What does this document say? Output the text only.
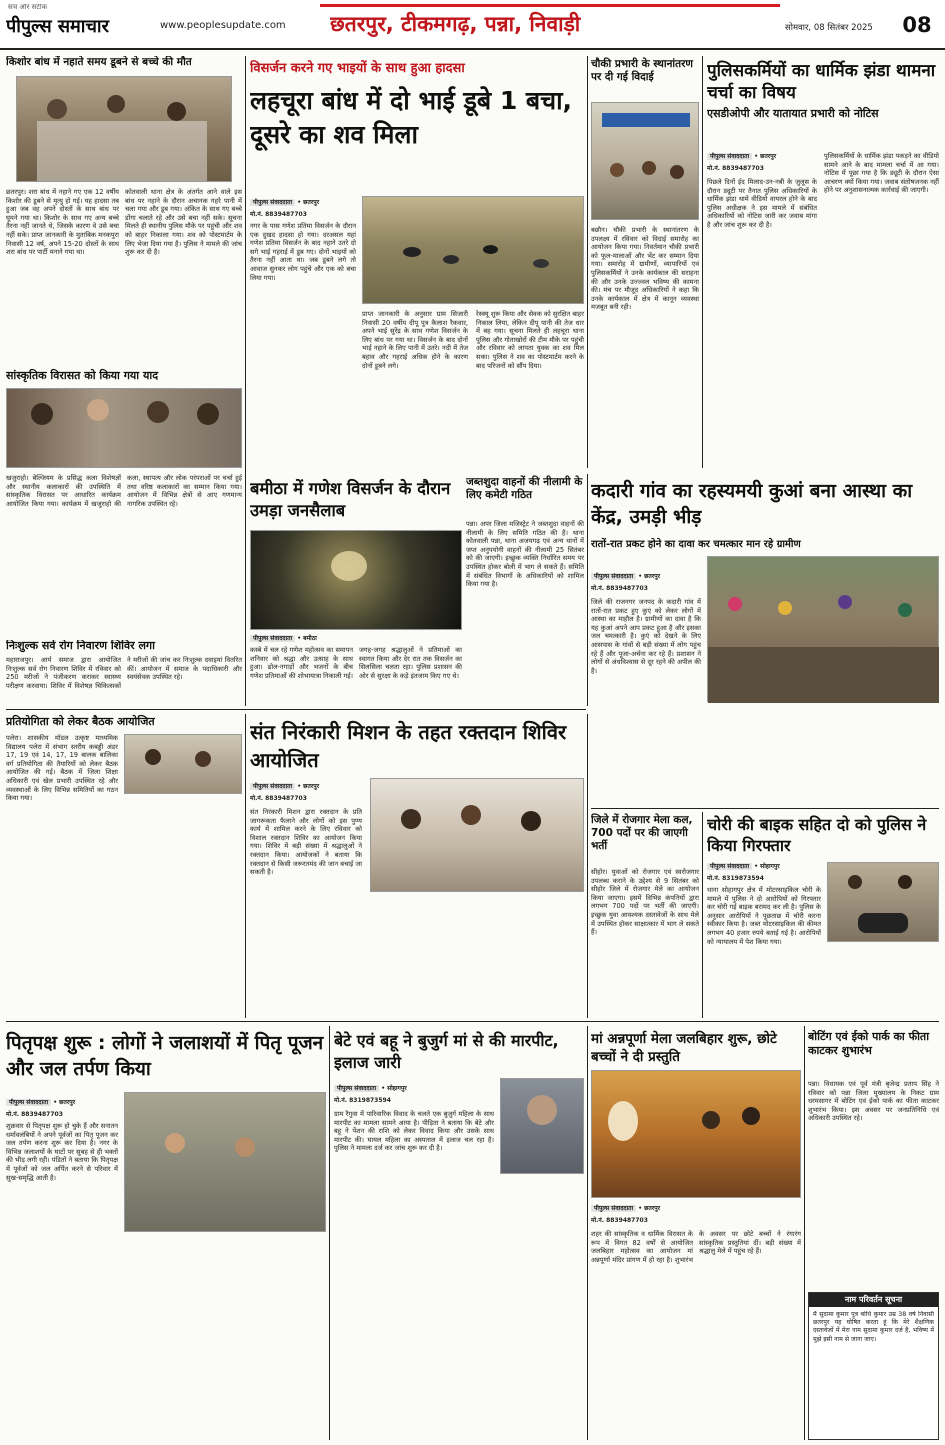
सच और सटीक
पीपुल्स समाचार	www.peoplesupdate.com छतरपुर, टीकमगढ़, पन्ना, निवाड़ी	सोमवार, 08 सितंबर 2025	08
किशोर बांध में नहाते समय डूबने से बच्चे की मौत
छतरपुर। शरा बांध में नहाने गए एक 12 वर्षीय किशोर की डूबने से मृत्यु हो गई। यह हादसा तब हुआ जब वह अपने दोस्तों के साथ बांध पर घूमने गया था। किशोर के साथ गए अन्य बच्चे तैरना नहीं जानते थे, जिसके कारण वे उसे बचा नहीं सके। प्राप्त जानकारी के मुताबिक मनकपुरा निवासी 12 वर्ष, अपने 15-20 दोस्तों के साथ शरा बांध पर पार्टी मनाने गया था।
कोतवाली थाना क्षेत्र के अंतर्गत आने वाले इस बांध पर नहाने के दौरान अचानक गहरे पानी में चला गया और डूब गया। अंकित के साथ गए बच्चे डोंगा चलाते रहे और उसे बचा नहीं सके। सूचना मिलते ही स्थानीय पुलिस मौके पर पहुंची और शव को बाहर निकाला गया। शव को पोस्टमार्टम के लिए भेजा दिया गया है। पुलिस ने मामले की जांच शुरू कर दी है।
विसर्जन करने गए भाइयों के साथ हुआ हादसा
लहचूरा बांध में दो भाई डूबे 1 बचा, दूसरे का शव मिला
पीपुल्स संवाददाता • छतरपुर
मो.नं. 8839487703
नगर के पास गणेश प्रतिमा विसर्जन के दौरान एक दुखद हादसा हो गया। दरअसल यहां गणेश प्रतिमा विसर्जन के बाद नहाने उतरे दो सगे भाई गहराई में डूब गए। दोनों भाइयों को तैरना नहीं आता था। जब डूबने लगे तो आवाज सुनकर लोग पहुंचे और एक को बचा लिया गया।
प्राप्त जानकारी के अनुसार ग्राम सिजारी निवासी 20 वर्षीय दीपू पुत्र कैलाश रैकवार, अपने भाई सुरेंद्र के साथ गणेश विसर्जन के लिए बांध पर गया था। विसर्जन के बाद दोनों भाई नहाने के लिए पानी में उतरे। नदी में तेज बहाव और गहराई अधिक होने के कारण दोनों डूबने लगे।
रेस्क्यू शुरू किया और सेवक को सुरक्षित बाहर निकाल लिया, लेकिन दीपू पानी की तेज धार में बह गया। सूचना मिलते ही लहचूरा थाना पुलिस और गोताखोरों की टीम मौके पर पहुंची और रविवार को लापता युवक का शव मिल सका। पुलिस ने शव का पोस्टमार्टम करने के बाद परिजनों को सौंप दिया।
चौकी प्रभारी के स्थानांतरण पर दी गई विदाई
बछौन। चौकी प्रभारी के स्थानांतरण के उपलक्ष्य में रविवार को विदाई समारोह का आयोजन किया गया। निवर्तमान चौकी प्रभारी को फूल-मालाओं और भेंट कर सम्मान दिया गया। समारोह में ग्रामीणों, व्यापारियों एवं पुलिसकर्मियों ने उनके कार्यकाल की सराहना की और उनके उज्ज्वल भविष्य की कामना की। मंच पर मौजूद अधिकारियों ने कहा कि उनके कार्यकाल में क्षेत्र में कानून व्यवस्था मजबूत बनी रही।
पुलिसकर्मियों का धार्मिक झंडा थामना चर्चा का विषय
एसडीओपी और यातायात प्रभारी को नोटिस
पीपुल्स संवाददाता • छतरपुर
मो.नं. 8839487703
पिछले दिनों ईद मिलाद-उन-नबी के जुलूस के दौरान ड्यूटी पर तैनात पुलिस अधिकारियों के धार्मिक झंडा थामे वीडियो वायरल होने के बाद पुलिस अधीक्षक ने इस मामले में संबंधित अधिकारियों को नोटिस जारी कर जवाब मांगा है और जांच शुरू कर दी है।
पुलिसकर्मियों के धार्मिक झंडा पकड़ने का वीडियो सामने आने के बाद मामला चर्चा में आ गया। नोटिस में पूछा गया है कि ड्यूटी के दौरान ऐसा आचरण क्यों किया गया। जवाब संतोषजनक नहीं होने पर अनुशासनात्मक कार्रवाई की जाएगी।
सांस्कृतिक विरासत को किया गया याद
खजुराहो। बेल्जियम के प्रसिद्ध कला विशेषज्ञों और स्थानीय कलाकारों की उपस्थिति में सांस्कृतिक विरासत पर आधारित कार्यक्रम आयोजित किया गया। कार्यक्रम में खजुराहो की कला, स्थापत्य और लोक परंपराओं पर चर्चा हुई तथा वरिष्ठ कलाकारों का सम्मान किया गया। आयोजन में विभिन्न क्षेत्रों से आए गणमान्य नागरिक उपस्थित रहे।
निःशुल्क सर्व रोग निवारण शिविर लगा
महाराजपुर। आर्य समाज द्वारा आयोजित निःशुल्क सर्व रोग निवारण शिविर में रविवार को 250 मरीजों ने पंजीकरण कराकर स्वास्थ्य परीक्षण करवाया। शिविर में विशेषज्ञ चिकित्सकों ने मरीजों की जांच कर निःशुल्क दवाइयां वितरित कीं। आयोजन में समाज के पदाधिकारी और स्वयंसेवक उपस्थित रहे।
बमीठा में गणेश विसर्जन के दौरान उमड़ा जनसैलाब
पीपुल्स संवाददाता • बमीठा
कस्बे में चल रहे गणेश महोत्सव का समापन शनिवार को श्रद्धा और उत्साह के साथ हुआ। ढोल-नगाड़ों और भजनों के बीच गणेश प्रतिमाओं की शोभायात्रा निकाली गई। जगह-जगह श्रद्धालुओं ने प्रतिमाओं का स्वागत किया और देर रात तक विसर्जन का सिलसिला चलता रहा। पुलिस प्रशासन की ओर से सुरक्षा के कड़े इंतजाम किए गए थे।
जब्तशुदा वाहनों की नीलामी के लिए कमेटी गठित
पन्ना। अपर जिला मजिस्ट्रेट ने जब्तशुदा वाहनों की नीलामी के लिए समिति गठित की है। थाना कोतवाली पन्ना, थाना अजयगढ़ एवं अन्य थानों में जप्त अनुपयोगी वाहनों की नीलामी 25 सितंबर को की जाएगी। इच्छुक व्यक्ति निर्धारित समय पर उपस्थित होकर बोली में भाग ले सकते हैं। समिति में संबंधित विभागों के अधिकारियों को शामिल किया गया है।
कदारी गांव का रहस्यमयी कुआं बना आस्था का केंद्र, उमड़ी भीड़
रातों-रात प्रकट होने का दावा कर चमत्कार मान रहे ग्रामीण
पीपुल्स संवाददाता • छतरपुर
मो.नं. 8839487703
जिले की राजनगर जनपद के कदारी गांव में रातों-रात प्रकट हुए कुएं को लेकर लोगों में आस्था का माहौल है। ग्रामीणों का दावा है कि यह कुआं अपने आप प्रकट हुआ है और इसका जल चमत्कारी है। कुएं को देखने के लिए आसपास के गांवों से बड़ी संख्या में लोग पहुंच रहे हैं और पूजा-अर्चना कर रहे हैं। प्रशासन ने लोगों से अंधविश्वास से दूर रहने की अपील की है।
प्रतियोगिता को लेकर बैठक आयोजित
पलेरा। शासकीय मॉडल उत्कृष्ट माध्यमिक विद्यालय पलेरा में संभाग स्तरीय कबड्डी अंडर 17, 19 एवं 14, 17, 19 बालक बालिका वर्ग प्रतियोगिता की तैयारियों को लेकर बैठक आयोजित की गई। बैठक में जिला शिक्षा अधिकारी एवं खेल प्रभारी उपस्थित रहे और व्यवस्थाओं के लिए विभिन्न समितियों का गठन किया गया।
संत निरंकारी मिशन के तहत रक्तदान शिविर आयोजित
पीपुल्स संवाददाता • छतरपुर
मो.नं. 8839487703
संत निरंकारी मिशन द्वारा रक्तदान के प्रति जागरूकता फैलाने और लोगों को इस पुण्य कार्य में शामिल करने के लिए रविवार को विशाल रक्तदान शिविर का आयोजन किया गया। शिविर में बड़ी संख्या में श्रद्धालुओं ने रक्तदान किया। आयोजकों ने बताया कि रक्तदान से किसी जरूरतमंद की जान बचाई जा सकती है।
जिले में रोजगार मेला कल, 700 पदों पर की जाएगी भर्ती
सीहोर। युवाओं को रोजगार एवं स्वरोजगार उपलब्ध कराने के उद्देश्य से 9 सितंबर को सीहोर जिले में रोजगार मेले का आयोजन किया जाएगा। इसमें विभिन्न कंपनियों द्वारा लगभग 700 पदों पर भर्ती की जाएगी। इच्छुक युवा आवश्यक दस्तावेजों के साथ मेले में उपस्थित होकर साक्षात्कार में भाग ले सकते हैं।
चोरी की बाइक सहित दो को पुलिस ने किया गिरफ्तार
पीपुल्स संवाददाता • सोहागपुर
मो.नं. 8319873594
थाना सोहागपुर क्षेत्र में मोटरसाइकिल चोरी के मामले में पुलिस ने दो आरोपियों को गिरफ्तार कर चोरी गई बाइक बरामद कर ली है। पुलिस के अनुसार आरोपियों ने पूछताछ में चोरी करना स्वीकार किया है। जब्त मोटरसाइकिल की कीमत लगभग 40 हजार रुपये बताई गई है। आरोपियों को न्यायालय में पेश किया गया।
पितृपक्ष शुरू : लोगों ने जलाशयों में पितृ पूजन और जल तर्पण किया
पीपुल्स संवाददाता • छतरपुर
मो.नं. 8839487703
शुक्रवार से पितृपक्ष शुरू हो चुके हैं और सनातन धर्मावलंबियों ने अपने पूर्वजों का पितृ पूजन कर जल तर्पण करना शुरू कर दिया है। नगर के विभिन्न जलाशयों के घाटों पर सुबह से ही भक्तों की भीड़ लगी रही। पंडितों ने बताया कि पितृपक्ष में पूर्वजों को जल अर्पित करने से परिवार में सुख-समृद्धि आती है।
बेटे एवं बहू ने बुजुर्ग मां से की मारपीट, इलाज जारी
पीपुल्स संवाददाता • सोहागपुर
मो.नं. 8319873594
ग्राम रैगुवा में पारिवारिक विवाद के चलते एक बुजुर्ग महिला के साथ मारपीट का मामला सामने आया है। पीड़िता ने बताया कि बेटे और बहू ने पेंशन की राशि को लेकर विवाद किया और उसके साथ मारपीट की। घायल महिला का अस्पताल में इलाज चल रहा है। पुलिस ने मामला दर्ज कर जांच शुरू कर दी है।
मां अन्नपूर्णा मेला जलबिहार शुरू, छोटे बच्चों ने दी प्रस्तुति
पीपुल्स संवाददाता • छतरपुर
मो.नं. 8839487703
शहर की सांस्कृतिक व धार्मिक विरासत के रूप में विगत 82 वर्षों से आयोजित जलबिहार महोत्सव का आयोजन मां अन्नपूर्णा मंदिर प्रांगण में हो रहा है। शुभारंभ के अवसर पर छोटे बच्चों ने रंगारंग सांस्कृतिक प्रस्तुतियां दीं। बड़ी संख्या में श्रद्धालु मेले में पहुंच रहे हैं।
बोटिंग एवं ईको पार्क का फीता काटकर शुभारंभ
पन्ना। विधायक एवं पूर्व मंत्री बृजेन्द्र प्रताप सिंह ने रविवार को पन्ना जिला मुख्यालय के निकट ग्राम धरमसागर में बोटिंग एवं ईको पार्क का फीता काटकर शुभारंभ किया। इस अवसर पर जनप्रतिनिधि एवं अधिकारी उपस्थित रहे।
नाम परिवर्तन सूचना
मैं सुदामा कुमार पुत्र बोधि कुमार उम्र 38 वर्ष निवासी छतरपुर यह घोषित करता हूं कि मेरे शैक्षणिक दस्तावेजों में मेरा नाम सुदामा कुमार दर्ज है, भविष्य में मुझे इसी नाम से जाना जाए।
